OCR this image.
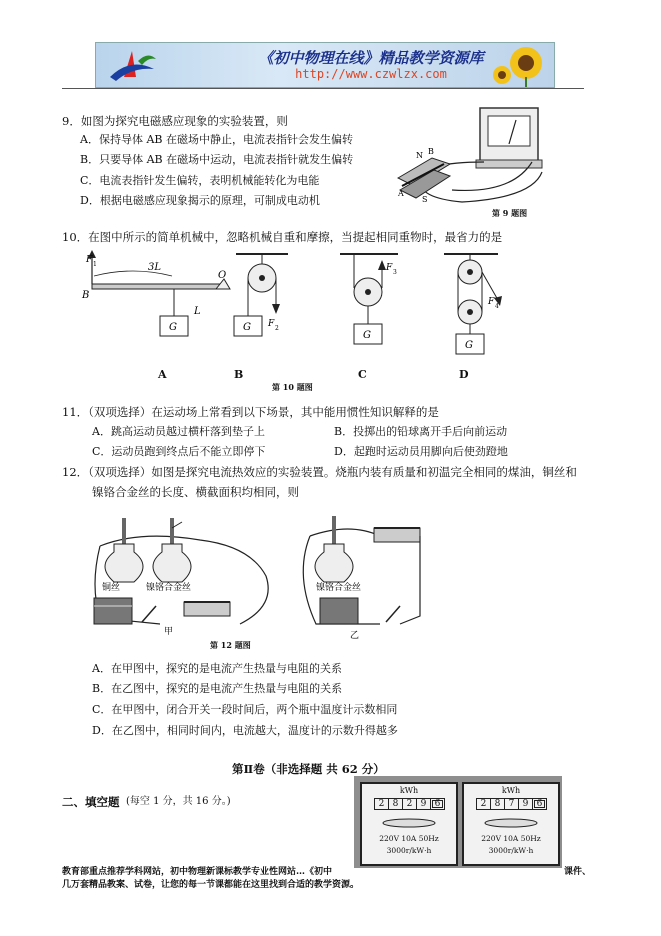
《初中物理在线》精品教学资源库
http://www.czwlzx.com
9．如图为探究电磁感应现象的实验装置，则
A．保持导体 AB 在磁场中静止，电流表指针会发生偏转
B．只要导体 AB 在磁场中运动，电流表指针就发生偏转
C．电流表指针发生偏转，表明机械能转化为电能
D．根据电磁感应现象揭示的原理，可制成电动机
N B
A
S
第 9 题图
10．在图中所示的简单机械中，忽略机械自重和摩擦，当提起相同重物时，最省力的是
F 1
B
O
3L
L
G	F 2
G
F 3
G
F 4
G
A	B	C	D
第 10 题图
11．（双项选择）在运动场上常看到以下场景，其中能用惯性知识解释的是
A．跳高运动员越过横杆落到垫子上	B．投掷出的铅球离开手后向前运动
C．运动员跑到终点后不能立即停下	D．起跑时运动员用脚向后使劲蹬地
12．（双项选择）如图是探究电流热效应的实验装置。烧瓶内装有质量和初温完全相同的煤油，铜丝和
镍铬合金丝的长度、横截面积均相同，则
铜丝	镍铬合金丝
甲
镍铬合金丝
乙
第 12 题图
A．在甲图中，探究的是电流产生热量与电阻的关系
B．在乙图中，探究的是电流产生热量与电阻的关系
C．在甲图中，闭合开关一段时间后，两个瓶中温度计示数相同
D．在乙图中，相同时间内，电流越大，温度计的示数升得越多
第Ⅱ卷（非选择题 共 62 分）
二、填空题 (每空 1 分，共 16 分。)
kWh
2 8 2 9 6
220V 10A 50Hz
3000r/kW·h
kWh
2 8 7 9 6
220V 10A 50Hz
3000r/kW·h
教育部重点推荐学科网站，初中物理新课标教学专业性网站…《初中	课件、
几万套精品教案、试卷，让您的每一节课都能在这里找到合适的教学资源。
